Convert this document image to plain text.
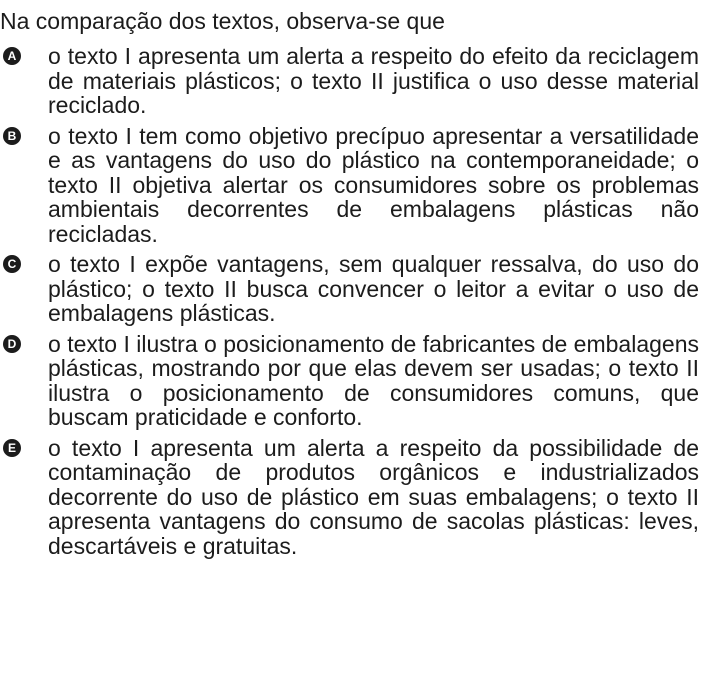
Na comparação dos textos, observa-se que

A o texto I apresenta um alerta a respeito do efeito da reciclagem de materiais plásticos; o texto II justifica o uso desse material reciclado.
B o texto I tem como objetivo precípuo apresentar a versatilidade e as vantagens do uso do plástico na contemporaneidade; o texto II objetiva alertar os consumidores sobre os problemas ambientais decorrentes de embalagens plásticas não recicladas.
C o texto I expõe vantagens, sem qualquer ressalva, do uso do plástico; o texto II busca convencer o leitor a evitar o uso de embalagens plásticas.
D o texto I ilustra o posicionamento de fabricantes de embalagens plásticas, mostrando por que elas devem ser usadas; o texto II ilustra o posicionamento de consumidores comuns, que buscam praticidade e conforto.
E o texto I apresenta um alerta a respeito da possibilidade de contaminação de produtos orgânicos e industrializados decorrente do uso de plástico em suas embalagens; o texto II apresenta vantagens do consumo de sacolas plásticas: leves, descartáveis e gratuitas.
